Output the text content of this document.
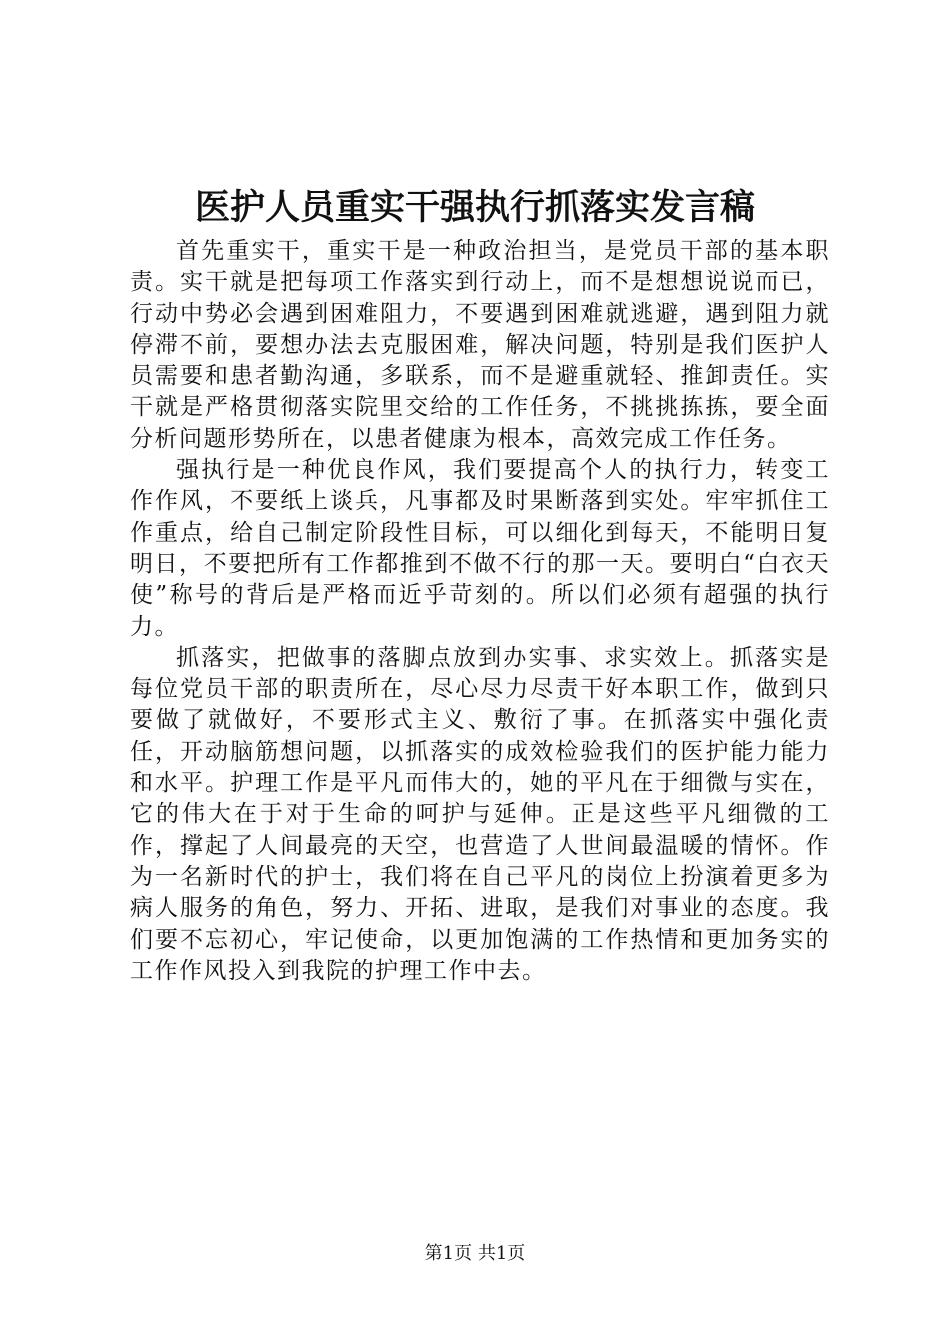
医护人员重实干强执行抓落实发言稿

首先重实干，重实干是一种政治担当，是党员干部的基本职责。实干就是把每项工作落实到行动上，而不是想想说说而已，行动中势必会遇到困难阻力，不要遇到困难就逃避，遇到阻力就停滞不前，要想办法去克服困难，解决问题，特别是我们医护人员需要和患者勤沟通，多联系，而不是避重就轻、推卸责任。实干就是严格贯彻落实院里交给的工作任务，不挑挑拣拣，要全面分析问题形势所在，以患者健康为根本，高效完成工作任务。

强执行是一种优良作风，我们要提高个人的执行力，转变工作作风，不要纸上谈兵，凡事都及时果断落到实处。牢牢抓住工作重点，给自己制定阶段性目标，可以细化到每天，不能明日复明日，不要把所有工作都推到不做不行的那一天。要明白“白衣天使”称号的背后是严格而近乎苛刻的。所以们必须有超强的执行力。

抓落实，把做事的落脚点放到办实事、求实效上。抓落实是每位党员干部的职责所在，尽心尽力尽责干好本职工作，做到只要做了就做好，不要形式主义、敷衍了事。在抓落实中强化责任，开动脑筋想问题，以抓落实的成效检验我们的医护能力能力和水平。护理工作是平凡而伟大的，她的平凡在于细微与实在，它的伟大在于对于生命的呵护与延伸。正是这些平凡细微的工作，撑起了人间最亮的天空，也营造了人世间最温暖的情怀。作为一名新时代的护士，我们将在自己平凡的岗位上扮演着更多为病人服务的角色，努力、开拓、进取，是我们对事业的态度。我们要不忘初心，牢记使命，以更加饱满的工作热情和更加务实的工作作风投入到我院的护理工作中去。

第1页 共1页
